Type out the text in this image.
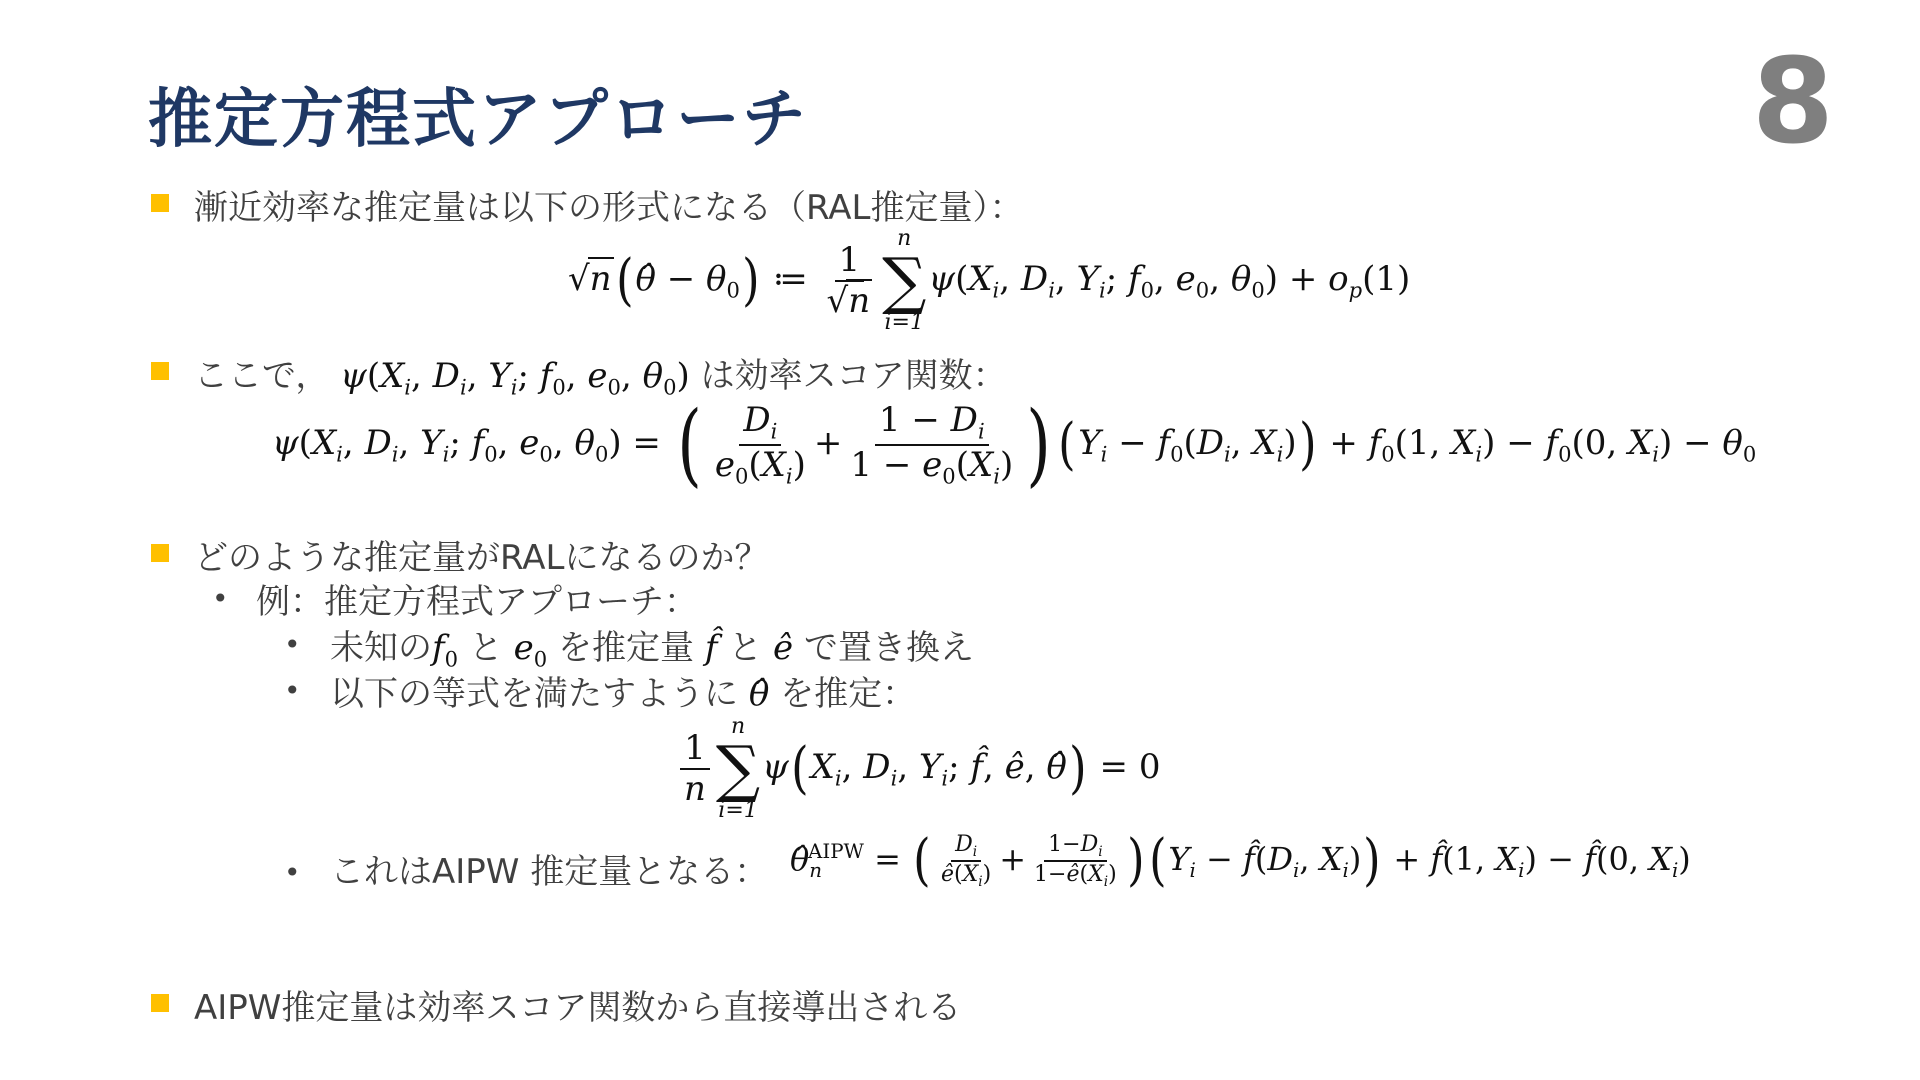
推定方程式アプローチ	8
漸近効率な推定量は以下の形式になる（RAL推定量）：
√n(θ̂ − $\theta_0$) ≔ $\frac{1}{√n}$
n
∑
i=1
$\psi(X_i$, $D_i$, $Y_i$; $f_0$, $e_0$, $\theta_0) + o_p(1)$
ここで， $\psi(X_i$, $D_i$, $Y_i$; $f_0$, $e_0$, $\theta_0$) は効率スコア関数：
$\psi(X_i$, $D_i$, $Y_i$; $f_0$, $e_0$, $\theta_0$) = ( $\frac{D_i}{e_0(X_i)} + \frac{1 - D_i}{1 - e_0(X_i)}$ ) ($Y_i - f_0(D_i$, $X_i)) + f_0(1$, $X_i) - f_0(0$, $X_i) - \theta_0$
どのような推定量がRALになるのか？
• 例：推定方程式アプローチ：
• 未知の$f_0$ と $e_0$ を推定量 f̂ と ê で置き換え
• 以下の等式を満たすように θ̂ を推定：
$\frac{1}{n}$
n
∑
i=1
$\psi(X_i$, $D_i$, $Y_i$; f̂, ê, θ̂) = 0
• これはAIPW 推定量となる： $\thetâ_n^{AIPW}$ = ( $\frac{D_i}{ê(X_i)} + \frac{1-D_i}{1-ê(X_i)} )(Y_i$ − $f̂(D_i$, $X_i$)) + f̂(1, $X_i$) − f̂(0, $X_i$)
AIPW推定量は効率スコア関数から直接導出される
